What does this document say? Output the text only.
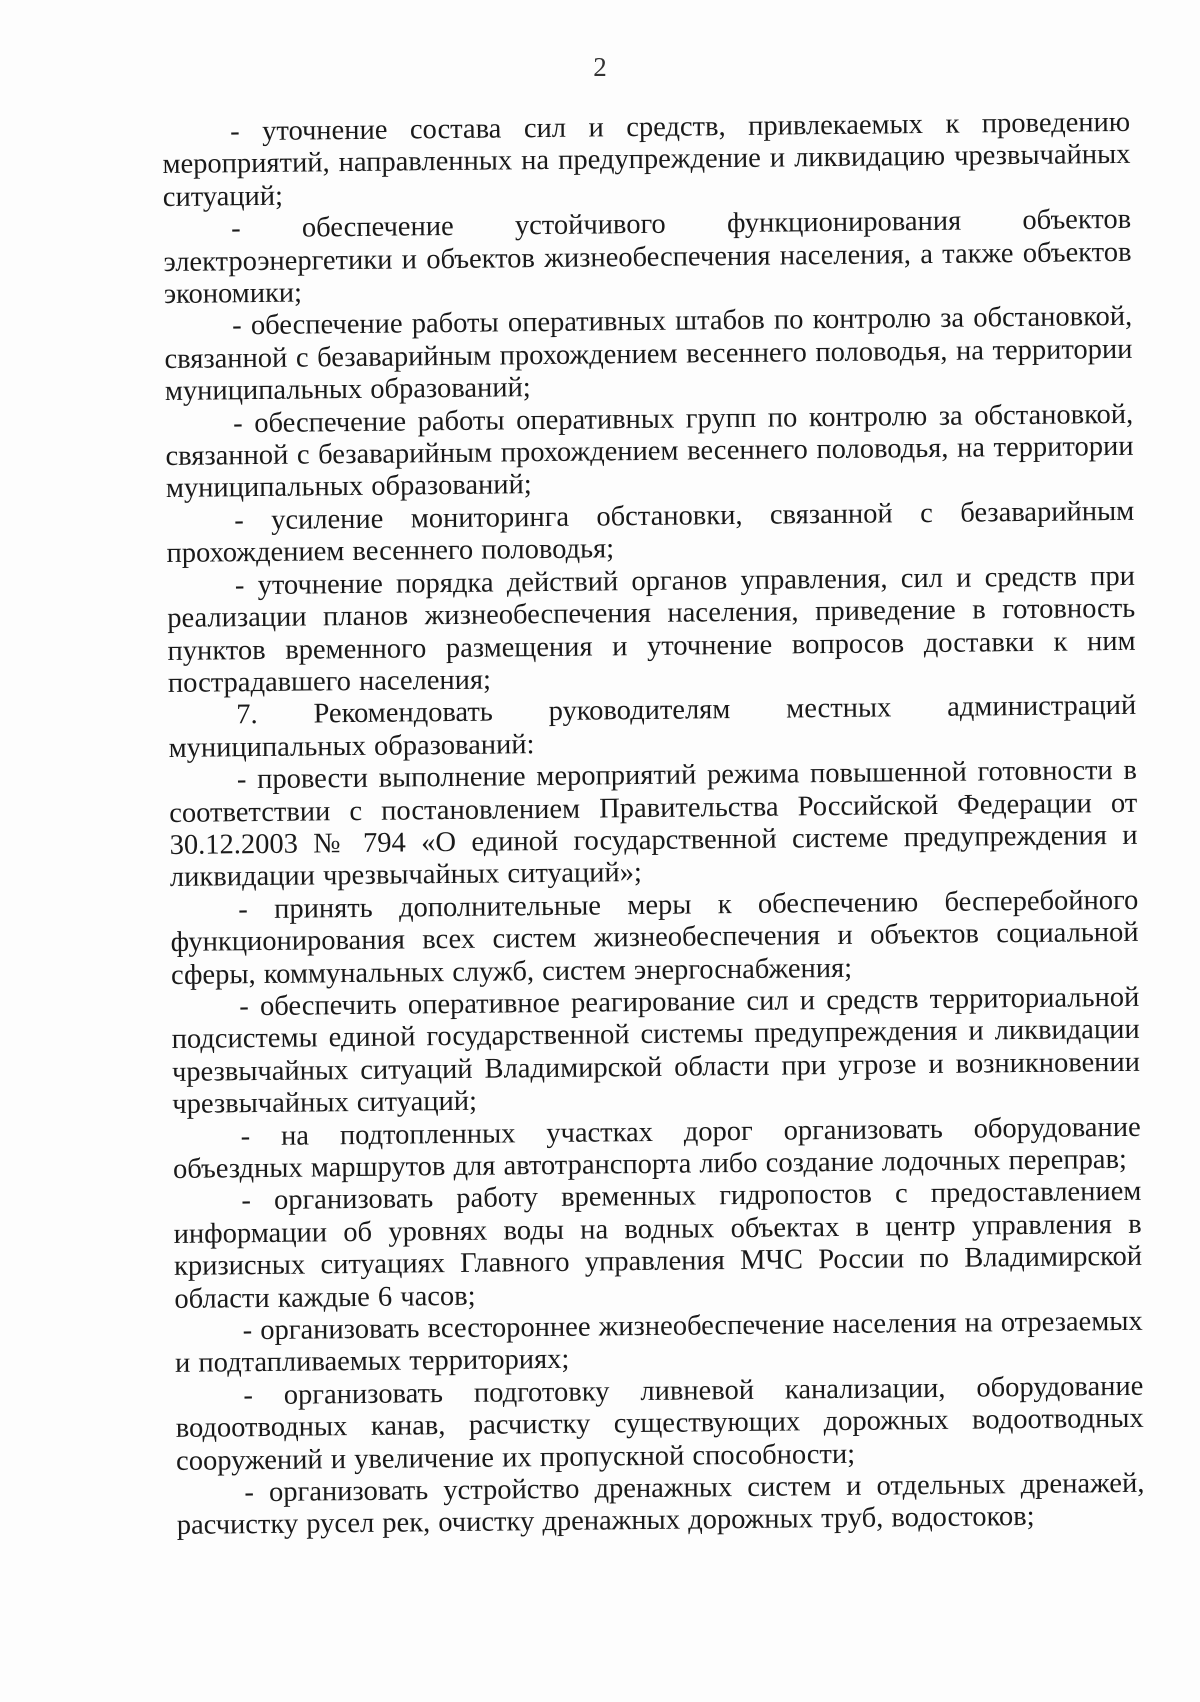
2

- уточнение состава сил и средств, привлекаемых к проведению мероприятий, направленных на предупреждение и ликвидацию чрезвычайных ситуаций;

- обеспечение устойчивого функционирования объектов электроэнергетики и объектов жизнеобеспечения населения, а также объектов экономики;

- обеспечение работы оперативных штабов по контролю за обстановкой, связанной с безаварийным прохождением весеннего половодья, на территории муниципальных образований;

- обеспечение работы оперативных групп по контролю за обстановкой, связанной с безаварийным прохождением весеннего половодья, на территории муниципальных образований;

- усиление мониторинга обстановки, связанной с безаварийным прохождением весеннего половодья;

- уточнение порядка действий органов управления, сил и средств при реализации планов жизнеобеспечения населения, приведение в готовность пунктов временного размещения и уточнение вопросов доставки к ним пострадавшего населения;

7. Рекомендовать руководителям местных администраций муниципальных образований:

- провести выполнение мероприятий режима повышенной готовности в соответствии с постановлением Правительства Российской Федерации от 30.12.2003 № 794 «О единой государственной системе предупреждения и ликвидации чрезвычайных ситуаций»;

- принять дополнительные меры к обеспечению бесперебойного функционирования всех систем жизнеобеспечения и объектов социальной сферы, коммунальных служб, систем энергоснабжения;

- обеспечить оперативное реагирование сил и средств территориальной подсистемы единой государственной системы предупреждения и ликвидации чрезвычайных ситуаций Владимирской области при угрозе и возникновении чрезвычайных ситуаций;

- на подтопленных участках дорог организовать оборудование объездных маршрутов для автотранспорта либо создание лодочных переправ;

- организовать работу временных гидропостов с предоставлением информации об уровнях воды на водных объектах в центр управления в кризисных ситуациях Главного управления МЧС России по Владимирской области каждые 6 часов;

- организовать всестороннее жизнеобеспечение населения на отрезаемых и подтапливаемых территориях;

- организовать подготовку ливневой канализации, оборудование водоотводных канав, расчистку существующих дорожных водоотводных сооружений и увеличение их пропускной способности;

- организовать устройство дренажных систем и отдельных дренажей, расчистку русел рек, очистку дренажных дорожных труб, водостоков;
